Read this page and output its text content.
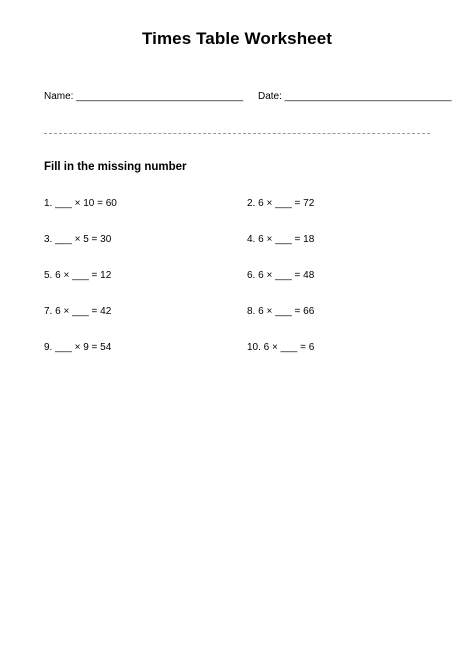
Times Table Worksheet
Name: ______________________________ Date: ______________________________
Fill in the missing number
1. ___ × 10 = 60	2. 6 × ___ = 72
3. ___ × 5 = 30	4. 6 × ___ = 18
5. 6 × ___ = 12	6. 6 × ___ = 48
7. 6 × ___ = 42	8. 6 × ___ = 66
9. ___ × 9 = 54	10. 6 × ___ = 6
